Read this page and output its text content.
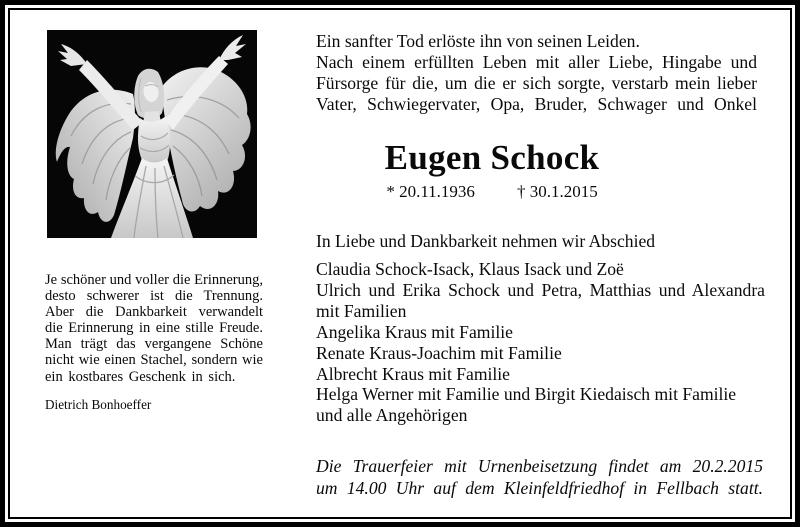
Je schöner und voller die Erinnerung,
desto schwerer ist die Trennung.
Aber die Dankbarkeit verwandelt
die Erinnerung in eine stille Freude.
Man trägt das vergangene Schöne
nicht wie einen Stachel, sondern wie
ein kostbares Geschenk in sich.
Dietrich Bonhoeffer
Ein sanfter Tod erlöste ihn von seinen Leiden.
Nach einem erfüllten Leben mit aller Liebe, Hingabe und
Fürsorge für die, um die er sich sorgte, verstarb mein lieber
Vater, Schwiegervater, Opa, Bruder, Schwager und Onkel
Eugen Schock
* 20.11.1936 † 30.1.2015
In Liebe und Dankbarkeit nehmen wir Abschied
Claudia Schock-Isack, Klaus Isack und Zoë
Ulrich und Erika Schock und Petra, Matthias und Alexandra
mit Familien
Angelika Kraus mit Familie
Renate Kraus-Joachim mit Familie
Albrecht Kraus mit Familie
Helga Werner mit Familie und Birgit Kiedaisch mit Familie
und alle Angehörigen
Die Trauerfeier mit Urnenbeisetzung findet am 20.2.2015
um 14.00 Uhr auf dem Kleinfeldfriedhof in Fellbach statt.
